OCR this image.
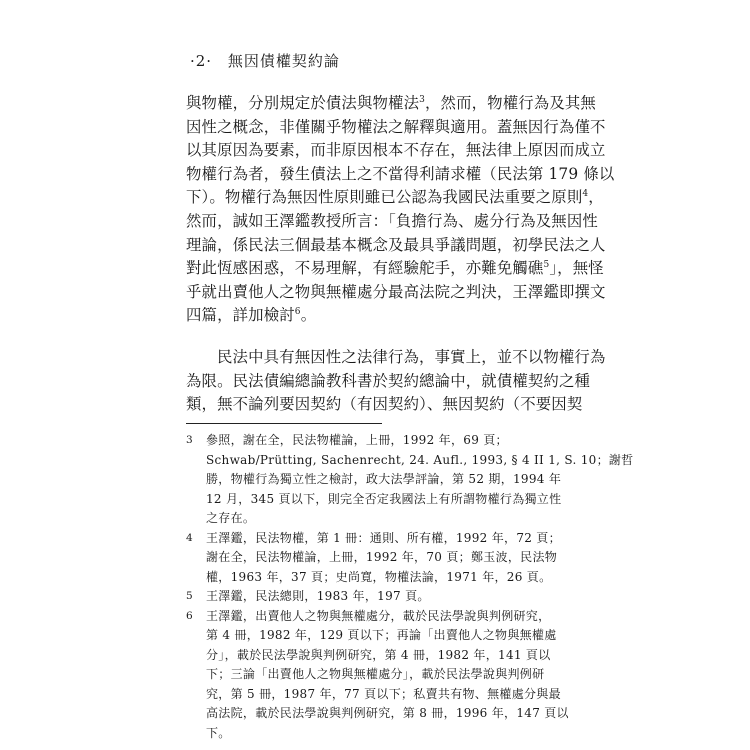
·2· 無因債權契約論
與物權，分別規定於債法與物權法$^3$，然而，物權行為及其無
因性之概念，非僅關乎物權法之解釋與適用。蓋無因行為僅不
以其原因為要素，而非原因根本不存在，無法律上原因而成立
物權行為者，發生債法上之不當得利請求權（民法第 179 條以
下）。物權行為無因性原則雖已公認為我國民法重要之原則$^4$，
然而，誠如王澤鑑教授所言：「負擔行為、處分行為及無因性
理論，係民法三個最基本概念及最具爭議問題，初學民法之人
對此恆感困惑，不易理解，有經驗舵手，亦難免觸礁$^5$」，無怪
乎就出賣他人之物與無權處分最高法院之判決，王澤鑑即撰文
四篇，詳加檢討$^6$。
民法中具有無因性之法律行為，事實上，並不以物權行為
為限。民法債編總論教科書於契約總論中，就債權契約之種
類，無不論列要因契約（有因契約）、無因契約（不要因契
3	參照，謝在全，民法物權論，上冊，1992 年，69 頁；
Schwab/Prütting, Sachenrecht, 24. Aufl., 1993, § 4 II 1, S. 10；謝哲
勝，物權行為獨立性之檢討，政大法學評論，第 52 期，1994 年
12 月，345 頁以下，則完全否定我國法上有所謂物權行為獨立性
之存在。
4	王澤鑑，民法物權，第 1 冊：通則、所有權，1992 年，72 頁；
謝在全，民法物權論，上冊，1992 年，70 頁；鄭玉波，民法物
權，1963 年，37 頁；史尚寬，物權法論，1971 年，26 頁。
5	王澤鑑，民法總則，1983 年，197 頁。
6	王澤鑑，出賣他人之物與無權處分，載於民法學說與判例研究，
第 4 冊，1982 年，129 頁以下；再論「出賣他人之物與無權處
分」，載於民法學說與判例研究，第 4 冊，1982 年，141 頁以
下；三論「出賣他人之物與無權處分」，載於民法學說與判例研
究，第 5 冊，1987 年，77 頁以下；私賣共有物、無權處分與最
高法院，載於民法學說與判例研究，第 8 冊，1996 年，147 頁以
下。
